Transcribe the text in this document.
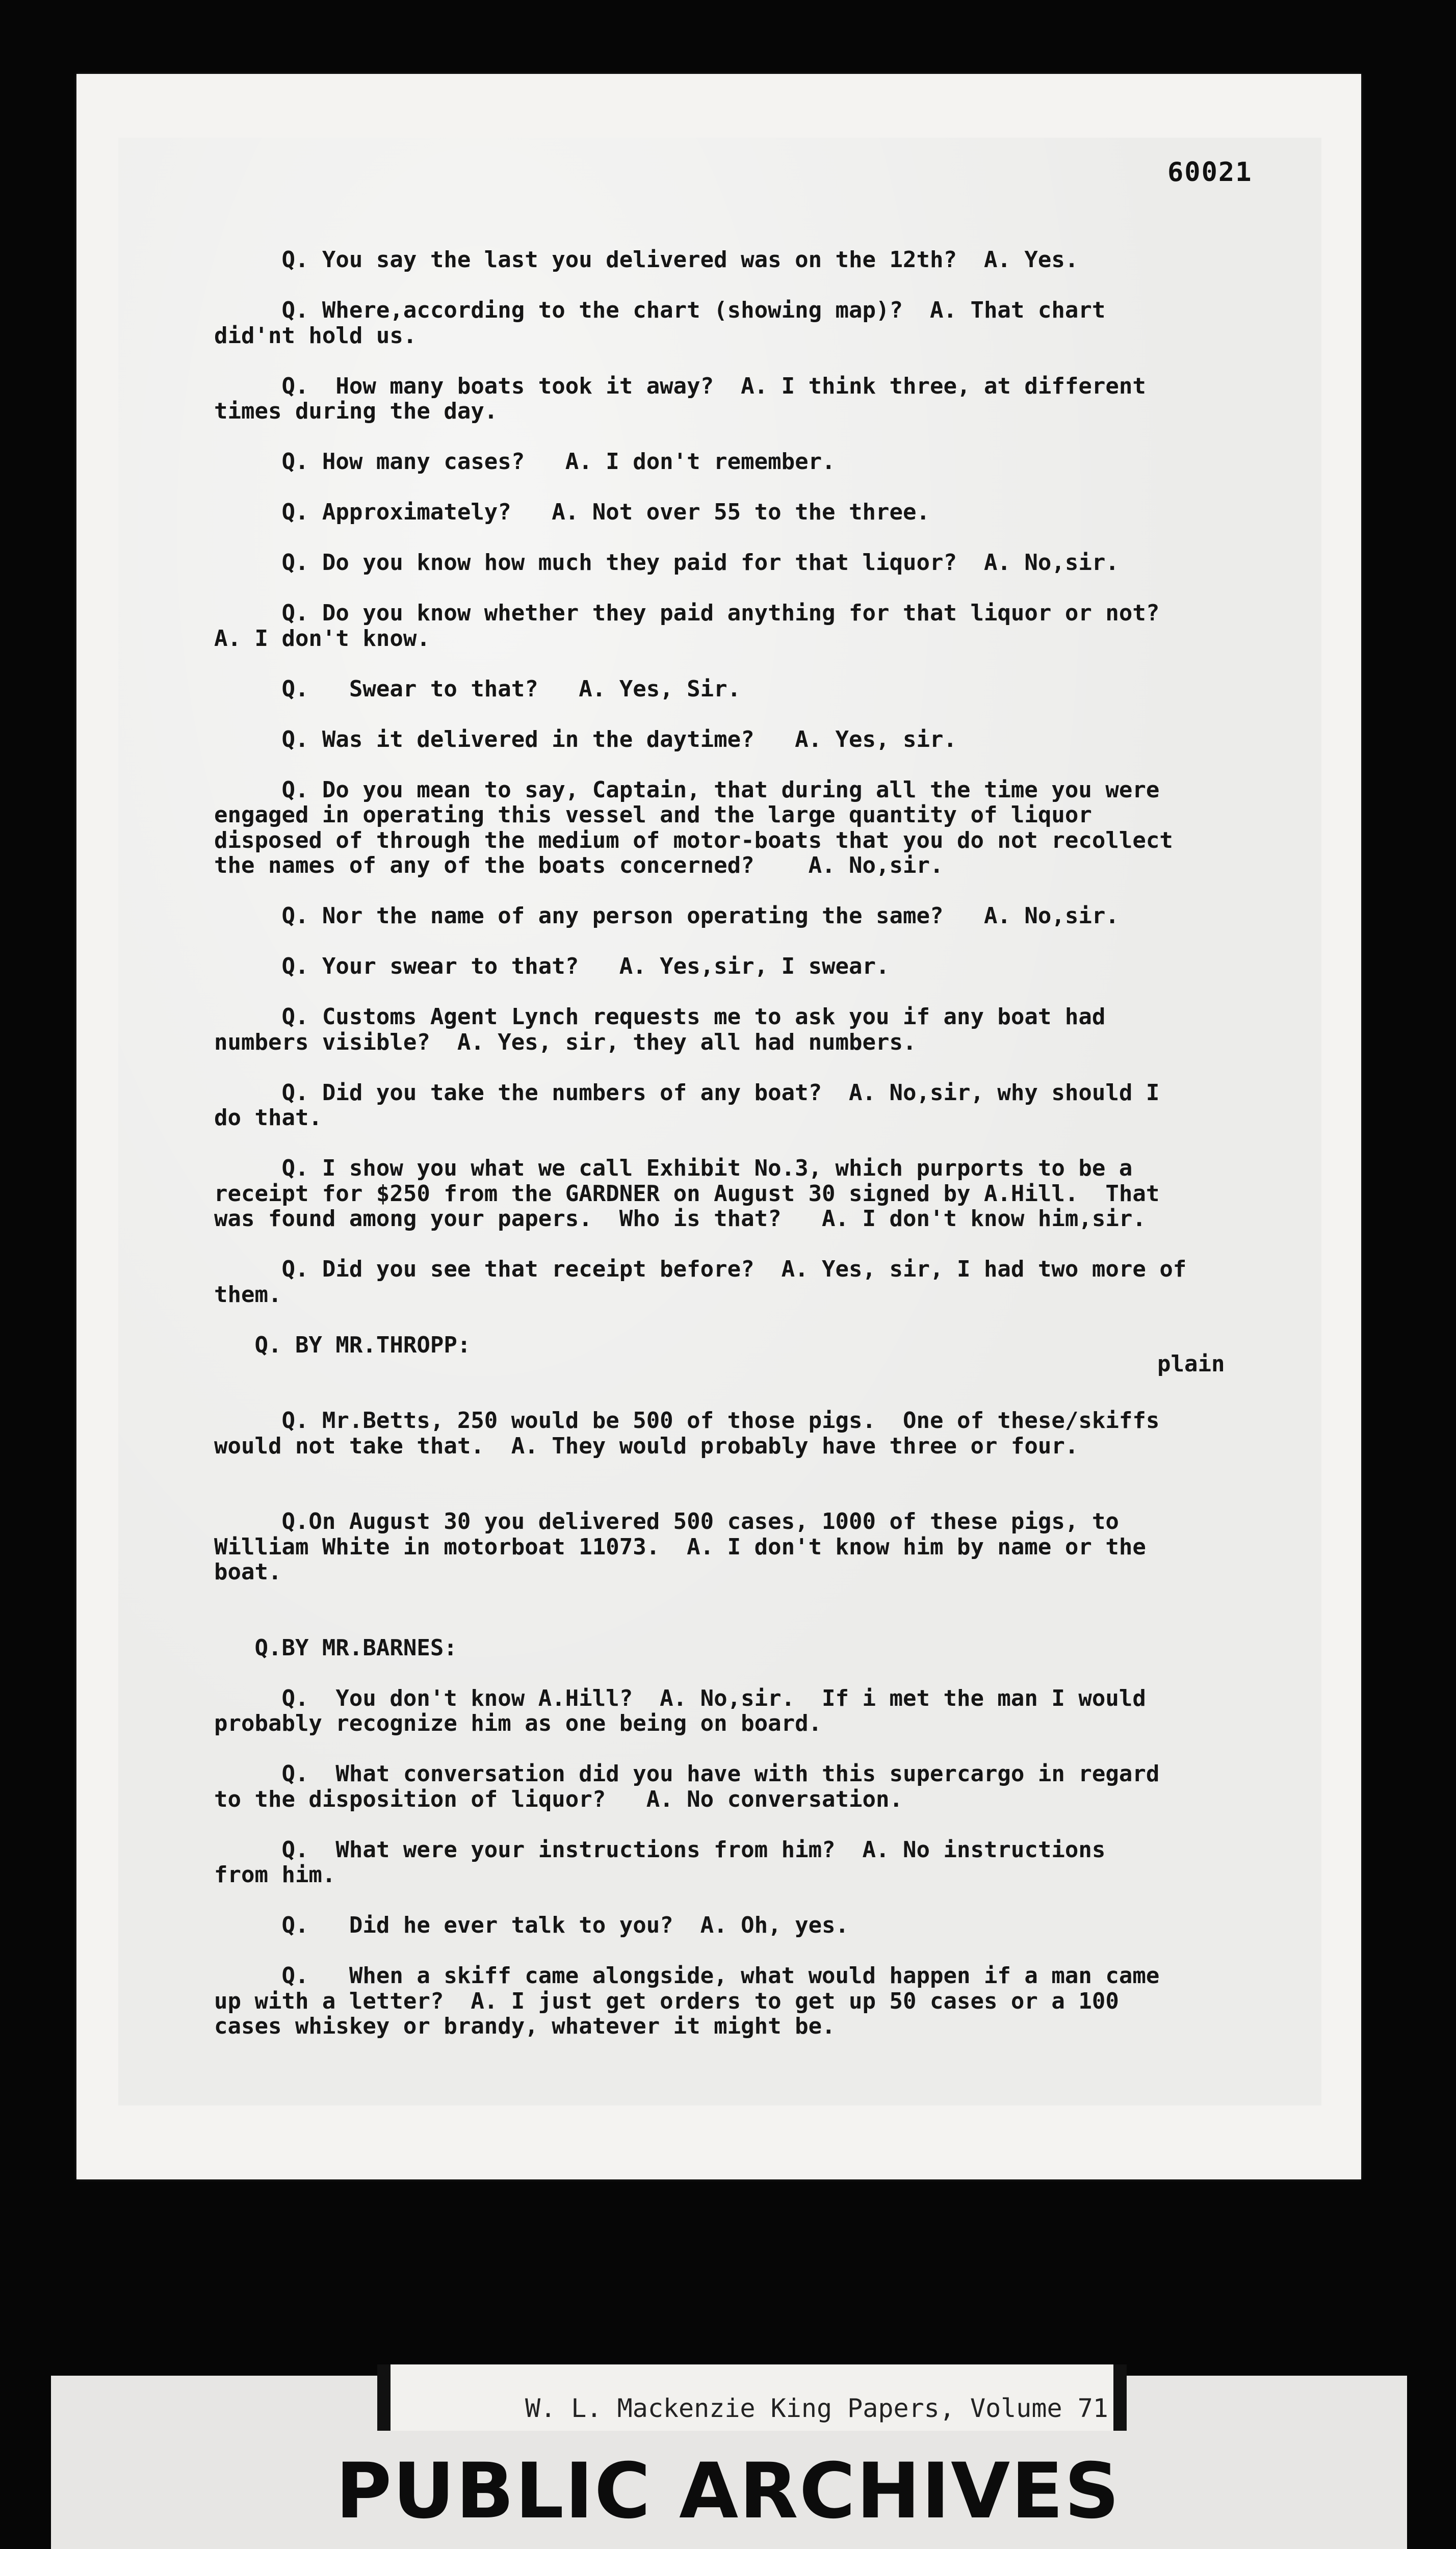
60021
plain
Q. You say the last you delivered was on the 12th?  A. Yes.
Q. Where,according to the chart (showing map)?  A. That chart
did'nt hold us.
Q.  How many boats took it away?  A. I think three, at different
times during the day.
Q. How many cases?   A. I don't remember.
Q. Approximately?   A. Not over 55 to the three.
Q. Do you know how much they paid for that liquor?  A. No,sir.
Q. Do you know whether they paid anything for that liquor or not?
A. I don't know.
Q.   Swear to that?   A. Yes, Sir.
Q. Was it delivered in the daytime?   A. Yes, sir.
Q. Do you mean to say, Captain, that during all the time you were
engaged in operating this vessel and the large quantity of liquor
disposed of through the medium of motor-boats that you do not recollect
the names of any of the boats concerned?    A. No,sir.
Q. Nor the name of any person operating the same?   A. No,sir.
Q. Your swear to that?   A. Yes,sir, I swear.
Q. Customs Agent Lynch requests me to ask you if any boat had
numbers visible?  A. Yes, sir, they all had numbers.
Q. Did you take the numbers of any boat?  A. No,sir, why should I
do that.
Q. I show you what we call Exhibit No.3, which purports to be a
receipt for $250 from the GARDNER on August 30 signed by A.Hill.  That
was found among your papers.  Who is that?   A. I don't know him,sir.
Q. Did you see that receipt before?  A. Yes, sir, I had two more of
them.
Q. BY MR.THROPP:
Q. Mr.Betts, 250 would be 500 of those pigs.  One of these/skiffs
would not take that.  A. They would probably have three or four.
Q.On August 30 you delivered 500 cases, 1000 of these pigs, to
William White in motorboat 11073.  A. I don't know him by name or the
boat.
Q.BY MR.BARNES:
Q.  You don't know A.Hill?  A. No,sir.  If i met the man I would
probably recognize him as one being on board.
Q.  What conversation did you have with this supercargo in regard
to the disposition of liquor?   A. No conversation.
Q.  What were your instructions from him?  A. No instructions
from him.
Q.   Did he ever talk to you?  A. Oh, yes.
Q.   When a skiff came alongside, what would happen if a man came
up with a letter?  A. I just get orders to get up 50 cases or a 100
cases whiskey or brandy, whatever it might be.
W. L. Mackenzie King Papers, Volume 71
PUBLIC ARCHIVES
